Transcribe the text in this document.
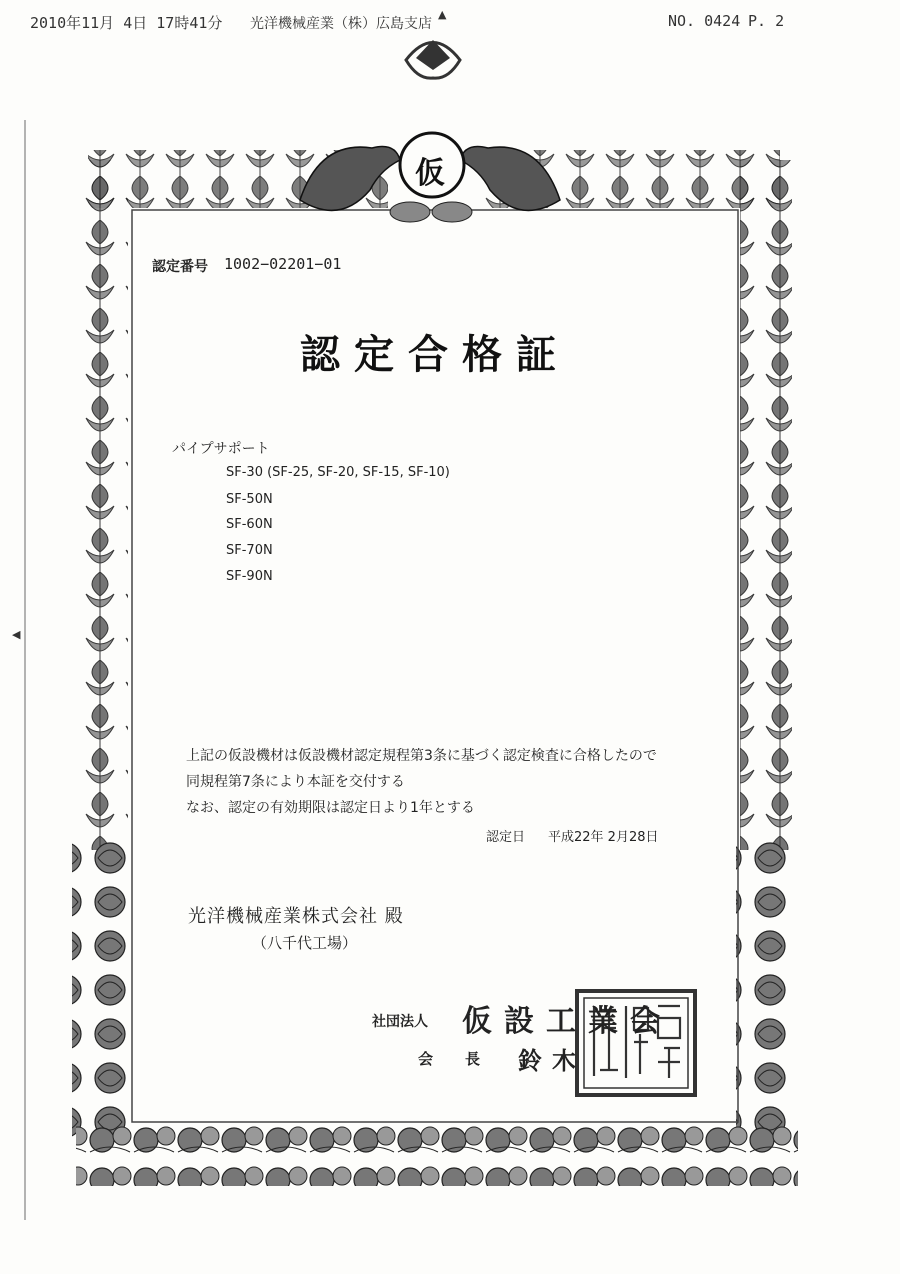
2010年11月 4日 17時41分 光洋機械産業（株）広島支店
▲	NO. 0424 P. 2
◀
仮
認定番号 1002−02201−01
認定合格証
パイプサポート
SF-30 (SF-25, SF-20, SF-15, SF-10)
SF-50N
SF-60N
SF-70N
SF-90N
上記の仮設機材は仮設機材認定規程第3条に基づく認定検査に合格したので
同規程第7条により本証を交付する
なお、認定の有効期限は認定日より1年とする
認定日 平成22年 2月28日
光洋機械産業株式会社 殿
（八千代工場）
社団法人 仮設工業会
会長 鈴木
